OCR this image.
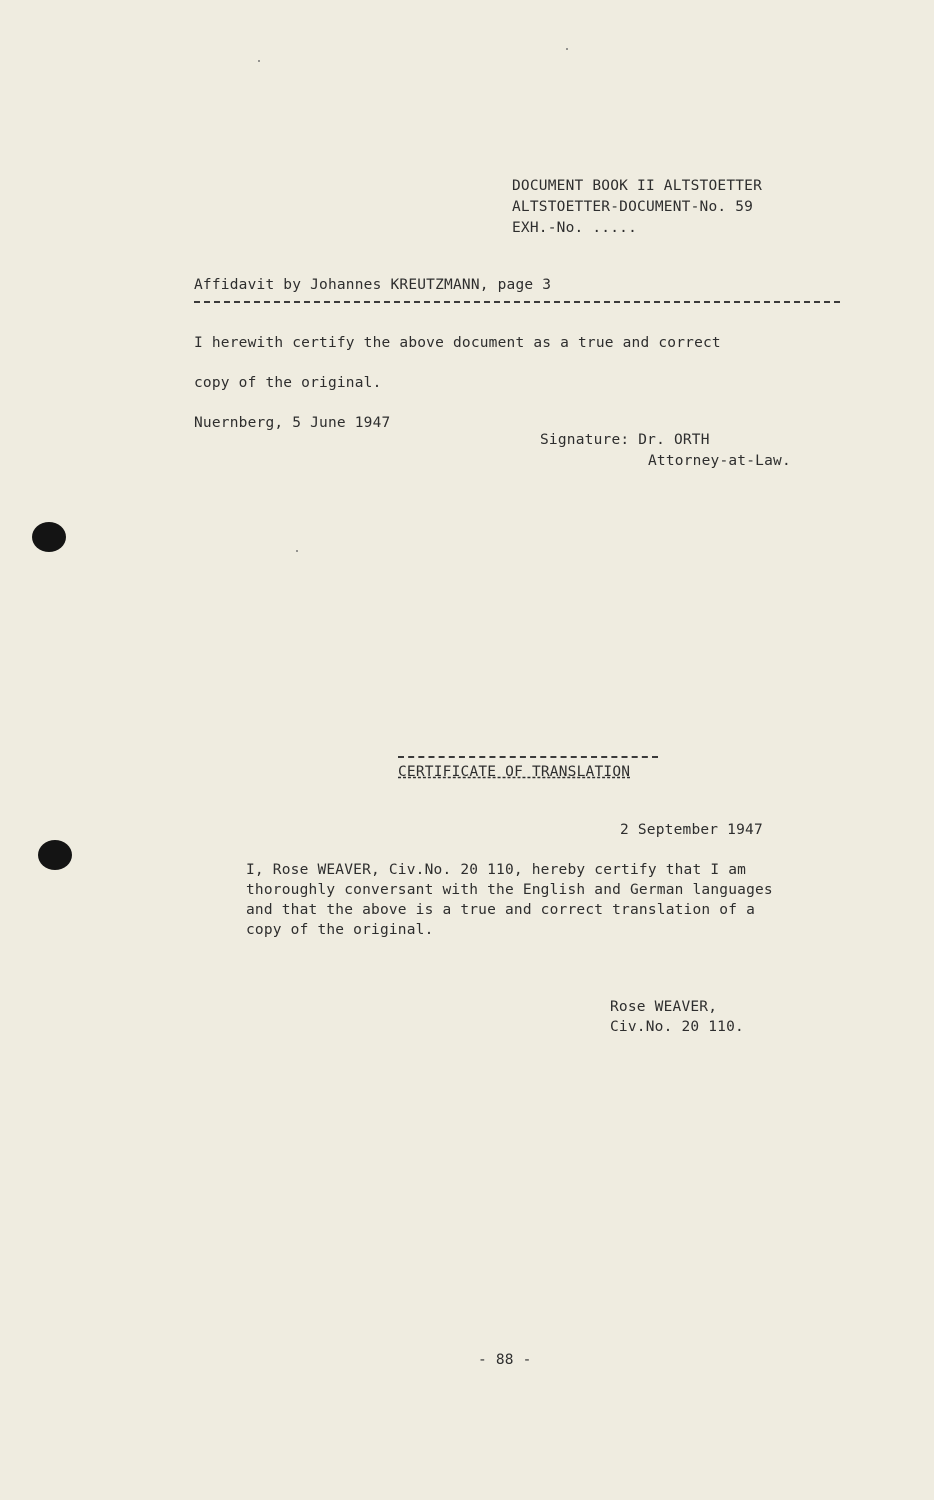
DOCUMENT BOOK II ALTSTOETTER
ALTSTOETTER-DOCUMENT-No. 59
EXH.-No. .....
Affidavit by Johannes KREUTZMANN, page 3
I herewith certify the above document as a true and correct
copy of the original.
Nuernberg, 5 June 1947
Signature: Dr. ORTH
Attorney-at-Law.
CERTIFICATE OF TRANSLATION
2 September 1947
I, Rose WEAVER, Civ.No. 20 110, hereby certify that I am
thoroughly conversant with the English and German languages
and that the above is a true and correct translation of a
copy of the original.
Rose WEAVER,
Civ.No. 20 110.
- 88 -
